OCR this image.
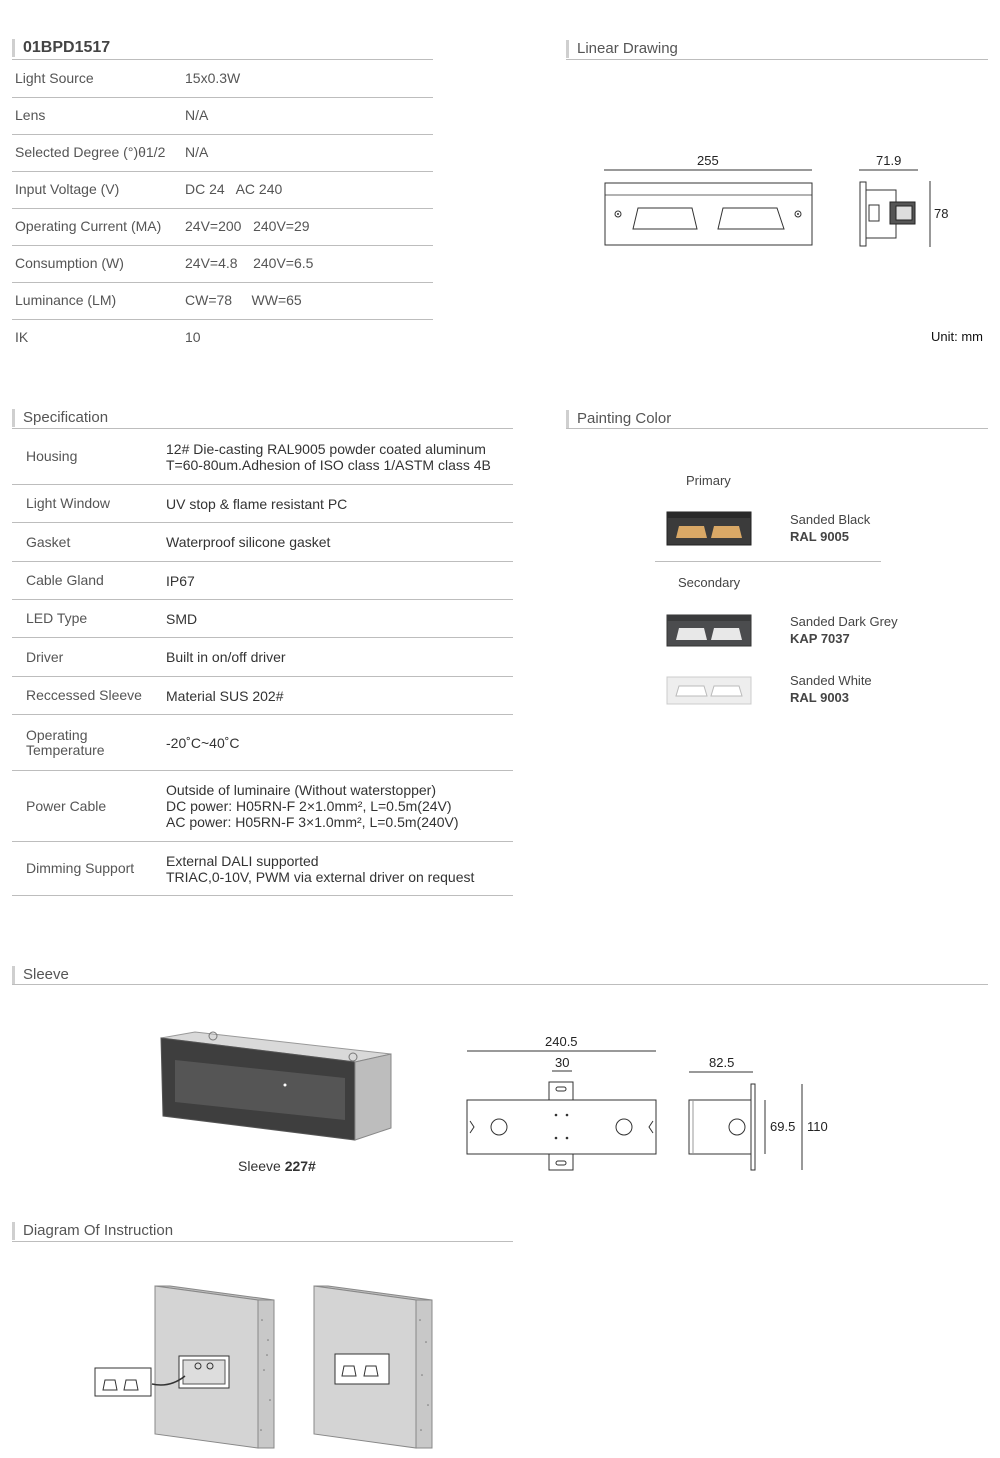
01BPD1517
Light Source	15x0.3W
Lens	N/A
Selected Degree (°)θ1/2 N/A
Input Voltage (V)	DC 24   AC 240
Operating Current (MA) 24V=200   240V=29
Consumption (W)	24V=4.8    240V=6.5
Luminance (LM)	CW=78     WW=65
IK	10
Linear Drawing
255	71.9
78
Unit: mm
Specification
Housing	12# Die-casting RAL9005 powder coated aluminum
T=60-80um.Adhesion of ISO class 1/ASTM class 4B
Light Window	UV stop & flame resistant PC
Gasket	Waterproof silicone gasket
Cable Gland	IP67
LED Type	SMD
Driver	Built in on/off driver
Reccessed Sleeve	Material SUS 202#
Operating Temperature	-20˚C~40˚C
Power Cable
Outside of luminaire (Without waterstopper)
DC power: H05RN-F 2×1.0mm², L=0.5m(24V)
AC power: H05RN-F 3×1.0mm², L=0.5m(240V)
Dimming Support	External DALI supported
TRIAC,0-10V, PWM via external driver on request
Painting Color
Primary
Secondary
Sanded Black
RAL 9005
Sanded Dark Grey
KAP 7037
Sanded White
RAL 9003
Sleeve
Sleeve 227#
240.5
30	82.5
69.5 110
Diagram Of Instruction
